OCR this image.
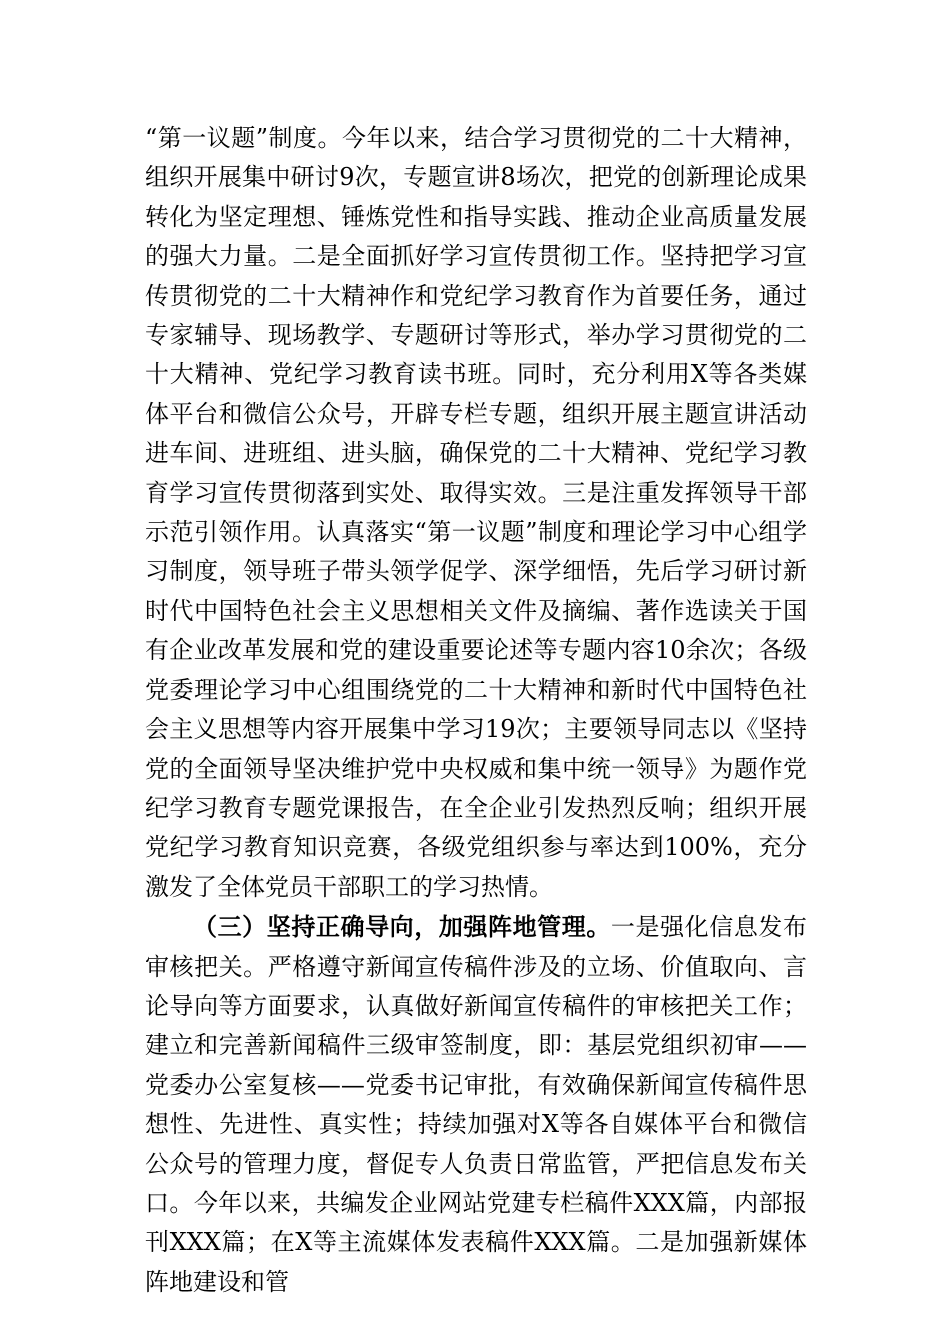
“第一议题”制度。今年以来，结合学习贯彻党的二十大精神，组织开展集中研讨9次，专题宣讲8场次，把党的创新理论成果转化为坚定理想、锤炼党性和指导实践、推动企业高质量发展的强大力量。二是全面抓好学习宣传贯彻工作。坚持把学习宣传贯彻党的二十大精神作和党纪学习教育作为首要任务，通过专家辅导、现场教学、专题研讨等形式，举办学习贯彻党的二十大精神、党纪学习教育读书班。同时，充分利用X等各类媒体平台和微信公众号，开辟专栏专题，组织开展主题宣讲活动进车间、进班组、进头脑，确保党的二十大精神、党纪学习教育学习宣传贯彻落到实处、取得实效。三是注重发挥领导干部示范引领作用。认真落实“第一议题”制度和理论学习中心组学习制度，领导班子带头领学促学、深学细悟，先后学习研讨新时代中国特色社会主义思想相关文件及摘编、著作选读关于国有企业改革发展和党的建设重要论述等专题内容10余次；各级党委理论学习中心组围绕党的二十大精神和新时代中国特色社会主义思想等内容开展集中学习19次；主要领导同志以《坚持党的全面领导坚决维护党中央权威和集中统一领导》为题作党纪学习教育专题党课报告，在全企业引发热烈反响；组织开展党纪学习教育知识竞赛，各级党组织参与率达到100%，充分激发了全体党员干部职工的学习热情。

（三）坚持正确导向，加强阵地管理。一是强化信息发布审核把关。严格遵守新闻宣传稿件涉及的立场、价值取向、言论导向等方面要求，认真做好新闻宣传稿件的审核把关工作；建立和完善新闻稿件三级审签制度，即：基层党组织初审——党委办公室复核——党委书记审批，有效确保新闻宣传稿件思想性、先进性、真实性；持续加强对X等各自媒体平台和微信公众号的管理力度，督促专人负责日常监管，严把信息发布关口。今年以来，共编发企业网站党建专栏稿件XXX篇，内部报刊XXX篇；在X等主流媒体发表稿件XXX篇。二是加强新媒体阵地建设和管
